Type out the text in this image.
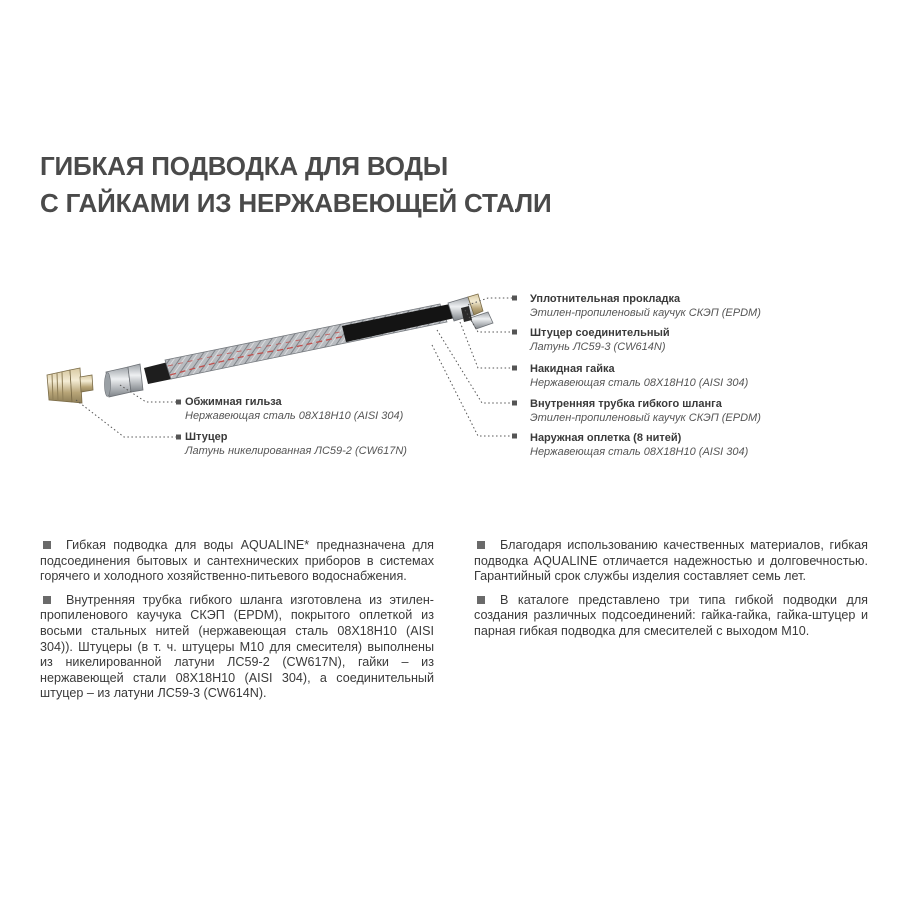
ГИБКАЯ ПОДВОДКА ДЛЯ ВОДЫ
С ГАЙКАМИ ИЗ НЕРЖАВЕЮЩЕЙ СТАЛИ
Уплотнительная прокладка
Этилен-пропиленовый каучук СКЭП (EPDM)
Штуцер соединительный
Латунь ЛС59-3 (CW614N)
Накидная гайка
Нержавеющая сталь 08Х18Н10 (AISI 304)
Внутренняя трубка гибкого шланга
Этилен-пропиленовый каучук СКЭП (EPDM)
Наружная оплетка (8 нитей)
Нержавеющая сталь 08Х18Н10 (AISI 304)
Обжимная гильза
Нержавеющая сталь 08Х18Н10 (AISI 304)
Штуцер
Латунь никелированная ЛС59-2 (CW617N)

Гибкая подводка для воды AQUALINE* предназначена для подсоединения бытовых и сантехнических приборов в системах горячего и холодного хозяйственно-питьевого водоснабжения.

Внутренняя трубка гибкого шланга изготовлена из этилен-пропиленового каучука СКЭП (EPDM), покрытого оплеткой из восьми стальных нитей (нержавеющая сталь 08Х18Н10 (AISI 304)). Штуцеры (в т. ч. штуцеры М10 для смесителя) выполнены из никелированной латуни ЛС59-2 (CW617N), гайки – из нержавеющей стали 08Х18Н10 (AISI 304), а соединительный штуцер – из латуни ЛС59-3 (CW614N).

Благодаря использованию качественных материалов, гибкая подводка AQUALINE отличается надежностью и долговечностью. Гарантийный срок службы изделия составляет семь лет.

В каталоге представлено три типа гибкой подводки для создания различных подсоединений: гайка-гайка, гайка-штуцер и парная гибкая подводка для смесителей с выходом М10.
